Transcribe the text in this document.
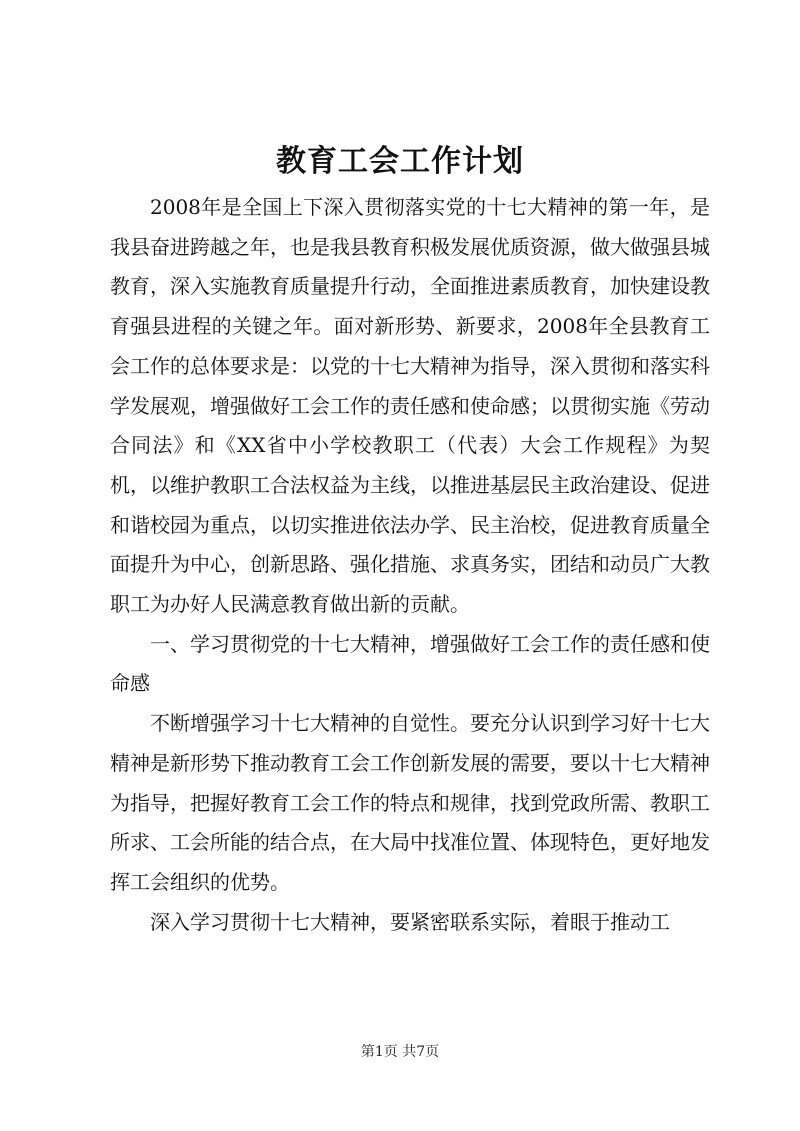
教育工会工作计划

2008年是全国上下深入贯彻落实党的十七大精神的第一年，是我县奋进跨越之年，也是我县教育积极发展优质资源，做大做强县城教育，深入实施教育质量提升行动，全面推进素质教育，加快建设教育强县进程的关键之年。面对新形势、新要求，2008年全县教育工会工作的总体要求是：以党的十七大精神为指导，深入贯彻和落实科学发展观，增强做好工会工作的责任感和使命感；以贯彻实施《劳动合同法》和《XX省中小学校教职工（代表）大会工作规程》为契机，以维护教职工合法权益为主线，以推进基层民主政治建设、促进和谐校园为重点，以切实推进依法办学、民主治校，促进教育质量全面提升为中心，创新思路、强化措施、求真务实，团结和动员广大教职工为办好人民满意教育做出新的贡献。

一、学习贯彻党的十七大精神，增强做好工会工作的责任感和使命感

不断增强学习十七大精神的自觉性。要充分认识到学习好十七大精神是新形势下推动教育工会工作创新发展的需要，要以十七大精神为指导，把握好教育工会工作的特点和规律，找到党政所需、教职工所求、工会所能的结合点，在大局中找准位置、体现特色，更好地发挥工会组织的优势。

深入学习贯彻十七大精神，要紧密联系实际，着眼于推动工

第1页 共7页
